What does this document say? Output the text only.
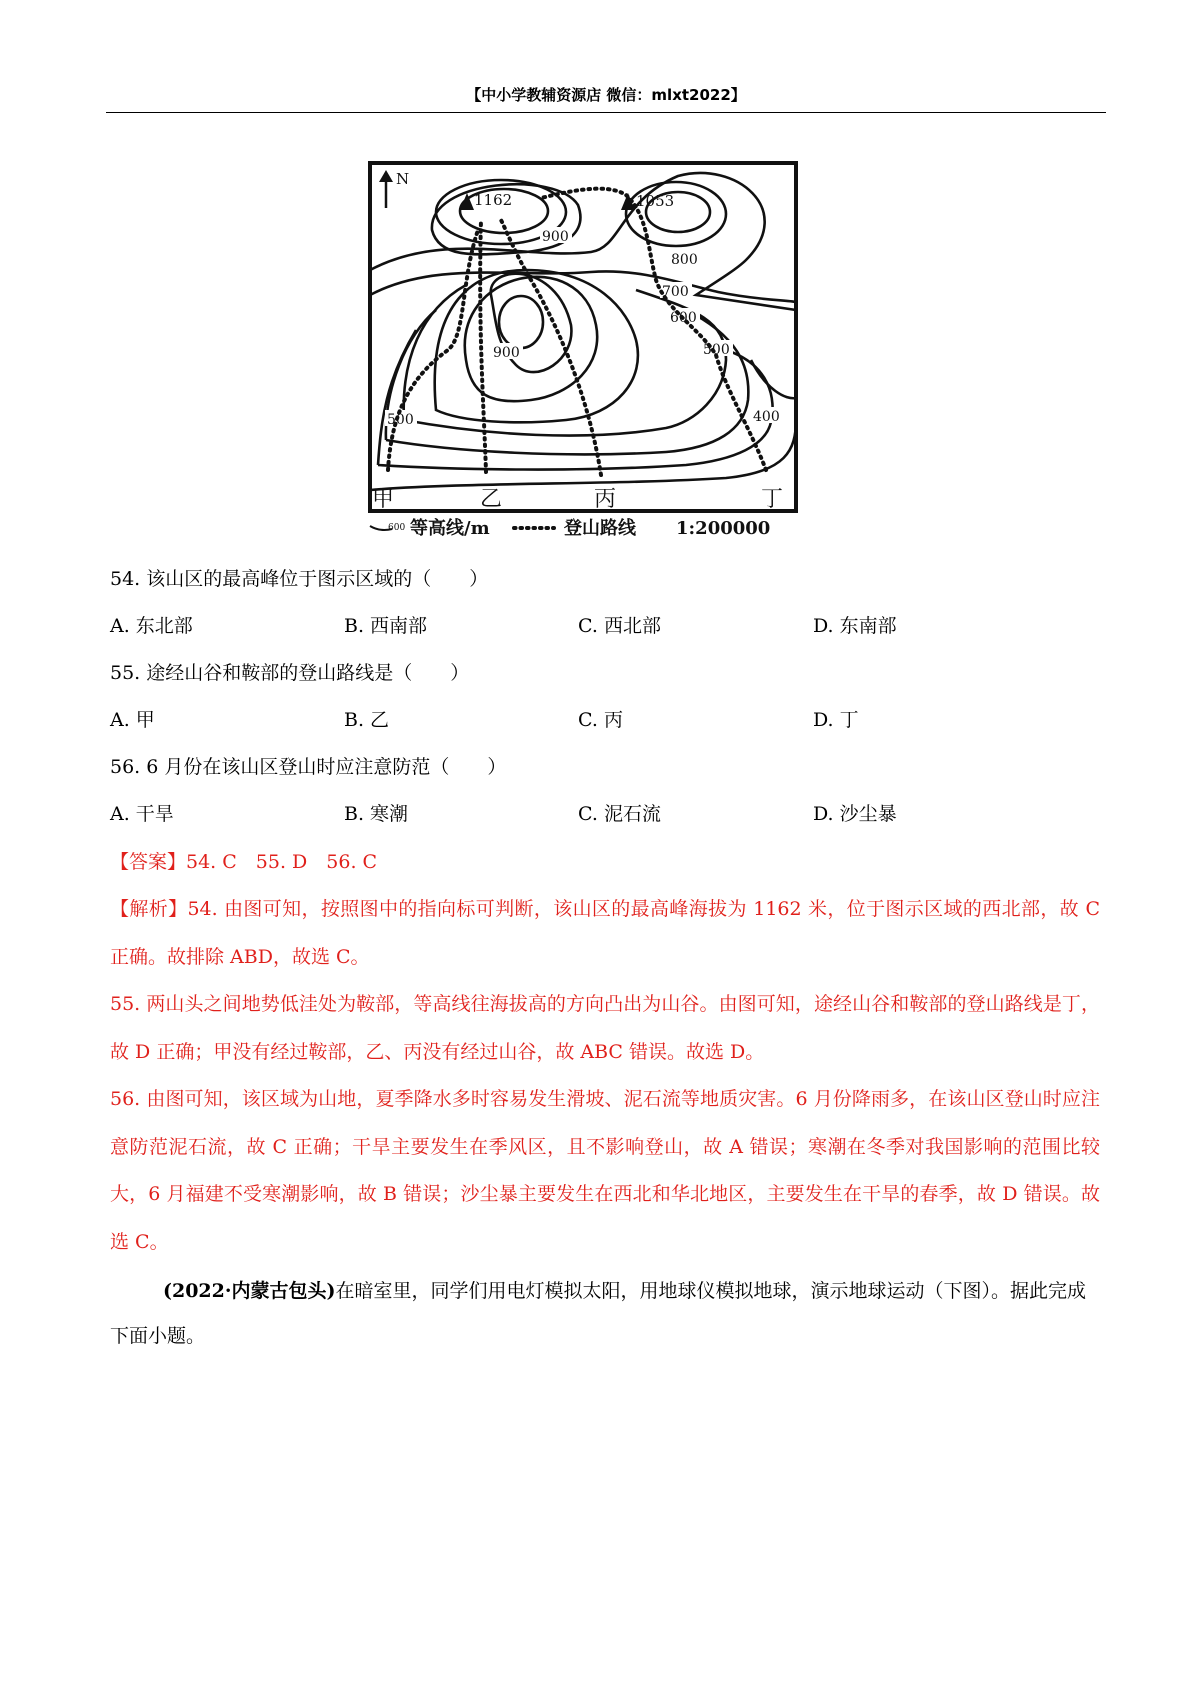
【中小学教辅资源店 微信：mlxt2022】
N
1162	1053
900
800
700
600
500
900
500	400
甲	乙	丙	丁
600 等高线/m	登山路线 1:200000
54. 该山区的最高峰位于图示区域的（　　）
A. 东北部	B. 西南部	C. 西北部	D. 东南部
55. 途经山谷和鞍部的登山路线是（　　）
A. 甲	B. 乙	C. 丙	D. 丁
56. 6 月份在该山区登山时应注意防范（　　）
A. 干旱	B. 寒潮	C. 泥石流	D. 沙尘暴
【答案】54. C　55. D　56. C
【解析】54. 由图可知，按照图中的指向标可判断，该山区的最高峰海拔为 1162 米，位于图示区域的西北部，故 C 正确。故排除 ABD，故选 C。
55. 两山头之间地势低洼处为鞍部，等高线往海拔高的方向凸出为山谷。由图可知，途经山谷和鞍部的登山路线是丁，故 D 正确；甲没有经过鞍部，乙、丙没有经过山谷，故 ABC 错误。故选 D。
56. 由图可知，该区域为山地，夏季降水多时容易发生滑坡、泥石流等地质灾害。6 月份降雨多，在该山区登山时应注意防范泥石流，故 C 正确；干旱主要发生在季风区，且不影响登山，故 A 错误；寒潮在冬季对我国影响的范围比较大，6 月福建不受寒潮影响，故 B 错误；沙尘暴主要发生在西北和华北地区，主要发生在干旱的春季，故 D 错误。故选 C。
(2022·内蒙古包头)在暗室里，同学们用电灯模拟太阳，用地球仪模拟地球，演示地球运动（下图）。据此完成下面小题。
